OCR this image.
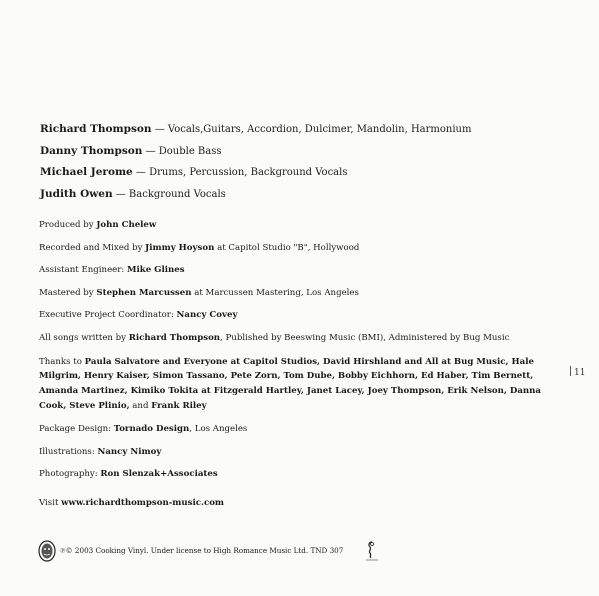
Richard Thompson — Vocals,Guitars, Accordion, Dulcimer, Mandolin, Harmonium
Danny Thompson — Double Bass
Michael Jerome — Drums, Percussion, Background Vocals
Judith Owen — Background Vocals
Produced by John Chelew
Recorded and Mixed by Jimmy Hoyson at Capitol Studio "B", Hollywood
Assistant Engineer: Mike Glines
Mastered by Stephen Marcussen at Marcussen Mastering, Los Angeles
Executive Project Coordinator: Nancy Covey
All songs written by Richard Thompson, Published by Beeswing Music (BMI), Administered by Bug Music
Thanks to Paula Salvatore and Everyone at Capitol Studios, David Hirshland and All at Bug Music, Hale Milgrim, Henry Kaiser, Simon Tassano, Pete Zorn, Tom Dube, Bobby Eichhorn, Ed Haber, Tim Bernett, Amanda Martinez, Kimiko Tokita at Fitzgerald Hartley, Janet Lacey, Joey Thompson, Erik Nelson, Danna Cook, Steve Plinio, and Frank Riley
Package Design: Tornado Design, Los Angeles
Illustrations: Nancy Nimoy
Photography: Ron Slenzak+Associates
Visit www.richardthompson-music.com
11
℗© 2003 Cooking Vinyl. Under license to High Romance Music Ltd. TND 307
